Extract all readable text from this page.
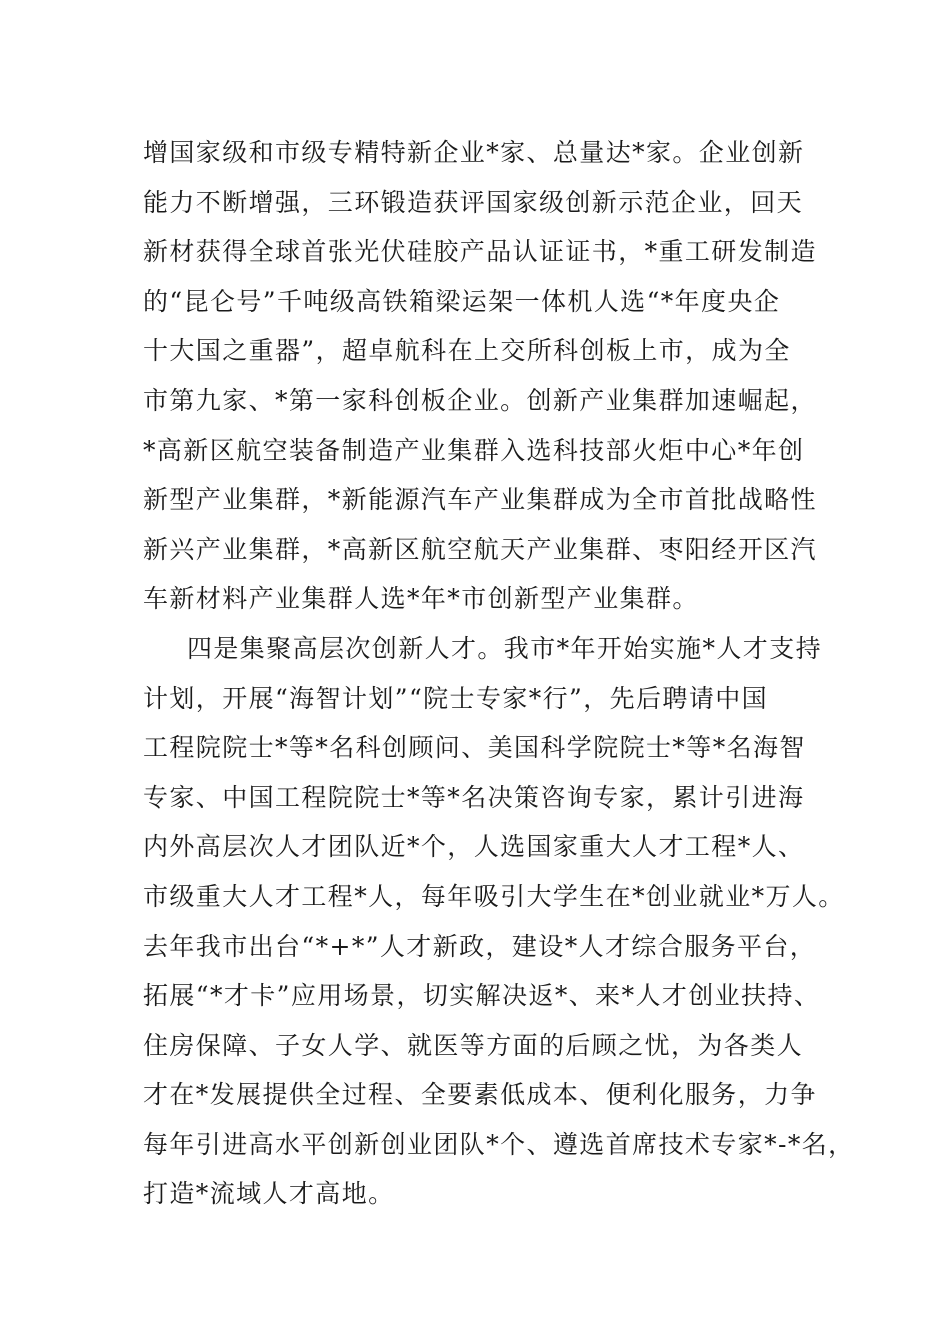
增国家级和市级专精特新企业*家、总量达*家。企业创新

能力不断增强，三环锻造获评国家级创新示范企业，回天

新材获得全球首张光伏硅胶产品认证证书，*重工研发制造

的“昆仑号”千吨级高铁箱梁运架一体机人选“*年度央企

十大国之重器”，超卓航科在上交所科创板上市，成为全

市第九家、*第一家科创板企业。创新产业集群加速崛起，

*高新区航空装备制造产业集群入选科技部火炬中心*年创

新型产业集群，*新能源汽车产业集群成为全市首批战略性

新兴产业集群，*高新区航空航天产业集群、枣阳经开区汽

车新材料产业集群人选*年*市创新型产业集群。

四是集聚高层次创新人才。我市*年开始实施*人才支持

计划，开展“海智计划”“院士专家*行”，先后聘请中国

工程院院士*等*名科创顾问、美国科学院院士*等*名海智

专家、中国工程院院士*等*名决策咨询专家，累计引进海

内外高层次人才团队近*个，人选国家重大人才工程*人、

市级重大人才工程*人，每年吸引大学生在*创业就业*万人。

去年我市出台“*+*”人才新政，建设*人才综合服务平台，

拓展“*才卡”应用场景，切实解决返*、来*人才创业扶持、

住房保障、子女人学、就医等方面的后顾之忧，为各类人

才在*发展提供全过程、全要素低成本、便利化服务，力争

每年引进高水平创新创业团队*个、遵选首席技术专家*-*名，

打造*流域人才高地。
